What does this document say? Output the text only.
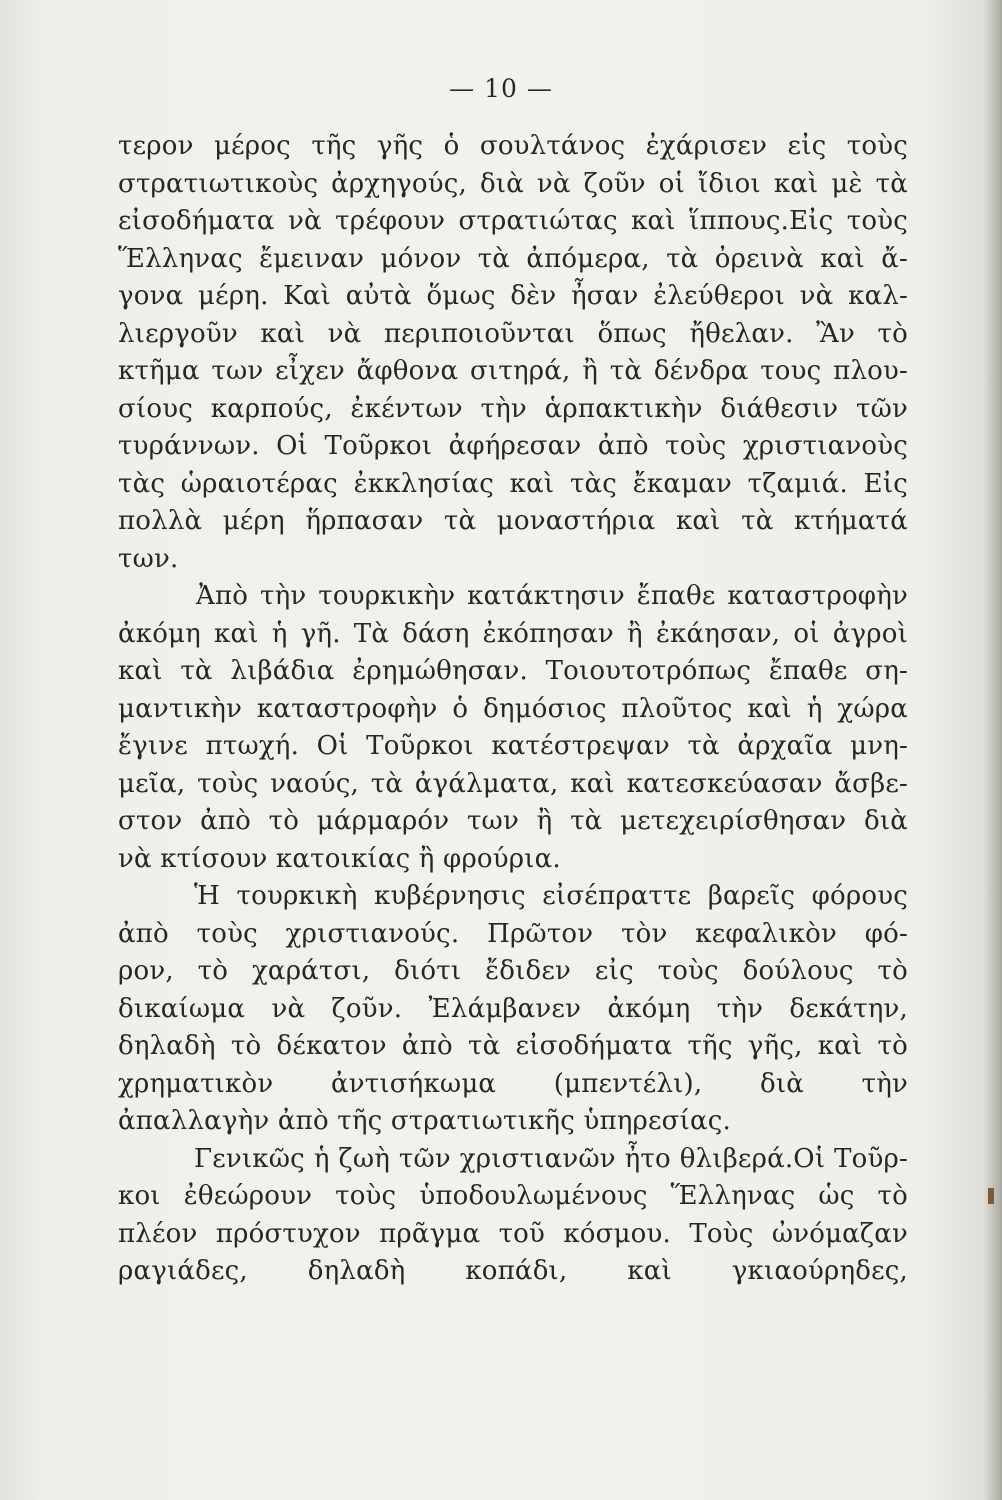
— 10 —
τερον μέρος τῆς γῆς ὁ σουλτάνος ἐχάρισεν εἰς τοὺς
στρατιωτικοὺς ἀρχηγούς, διὰ νὰ ζοῦν οἱ ἴδιοι καὶ μὲ τὰ
εἰσοδήματα νὰ τρέφουν στρατιώτας καὶ ἵππους.Εἰς τοὺς
Ἕλληνας ἔμειναν μόνον τὰ ἀπόμερα, τὰ ὀρεινὰ καὶ ἄ-
γονα μέρη. Καὶ αὐτὰ ὅμως δὲν ἦσαν ἐλεύθεροι νὰ καλ-
λιεργοῦν καὶ νὰ περιποιοῦνται ὅπως ἤθελαν. Ἂν τὸ
κτῆμα των εἶχεν ἄφθονα σιτηρά, ἢ τὰ δένδρα τους πλου-
σίους καρπούς, ἐκέντων τὴν ἁρπακτικὴν διάθεσιν τῶν
τυράννων. Οἱ Τοῦρκοι ἀφήρεσαν ἀπὸ τοὺς χριστιανοὺς
τὰς ὡραιοτέρας ἐκκλησίας καὶ τὰς ἔκαμαν τζαμιά. Εἰς
πολλὰ μέρη ἥρπασαν τὰ μοναστήρια καὶ τὰ κτήματά
των.
Ἀπὸ τὴν τουρκικὴν κατάκτησιν ἔπαθε καταστροφὴν
ἀκόμη καὶ ἡ γῆ. Τὰ δάση ἐκόπησαν ἢ ἐκάησαν, οἱ ἀγροὶ
καὶ τὰ λιβάδια ἐρημώθησαν. Τοιουτοτρόπως ἔπαθε ση-
μαντικὴν καταστροφὴν ὁ δημόσιος πλοῦτος καὶ ἡ χώρα
ἔγινε πτωχή. Οἱ Τοῦρκοι κατέστρεψαν τὰ ἀρχαῖα μνη-
μεῖα, τοὺς ναούς, τὰ ἀγάλματα, καὶ κατεσκεύασαν ἄσβε-
στον ἀπὸ τὸ μάρμαρόν των ἢ τὰ μετεχειρίσθησαν διὰ
νὰ κτίσουν κατοικίας ἢ φρούρια.
Ἡ τουρκικὴ κυβέρνησις εἰσέπραττε βαρεῖς φόρους
ἀπὸ τοὺς χριστιανούς. Πρῶτον τὸν κεφαλικὸν φό-
ρον, τὸ χαράτσι, διότι ἔδιδεν εἰς τοὺς δούλους τὸ
δικαίωμα νὰ ζοῦν. Ἐλάμβανεν ἀκόμη τὴν δεκάτην,
δηλαδὴ τὸ δέκατον ἀπὸ τὰ εἰσοδήματα τῆς γῆς, καὶ τὸ
χρηματικὸν ἀντισήκωμα (μπεντέλι), διὰ τὴν
ἀπαλλαγὴν ἀπὸ τῆς στρατιωτικῆς ὑπηρεσίας.
Γενικῶς ἡ ζωὴ τῶν χριστιανῶν ἦτο θλιβερά.Οἱ Τοῦρ-
κοι ἐθεώρουν τοὺς ὑποδουλωμένους Ἕλληνας ὡς τὸ
πλέον πρόστυχον πρᾶγμα τοῦ κόσμου. Τοὺς ὠνόμαζαν
ραγιάδες, δηλαδὴ κοπάδι, καὶ γκιαούρηδες,
